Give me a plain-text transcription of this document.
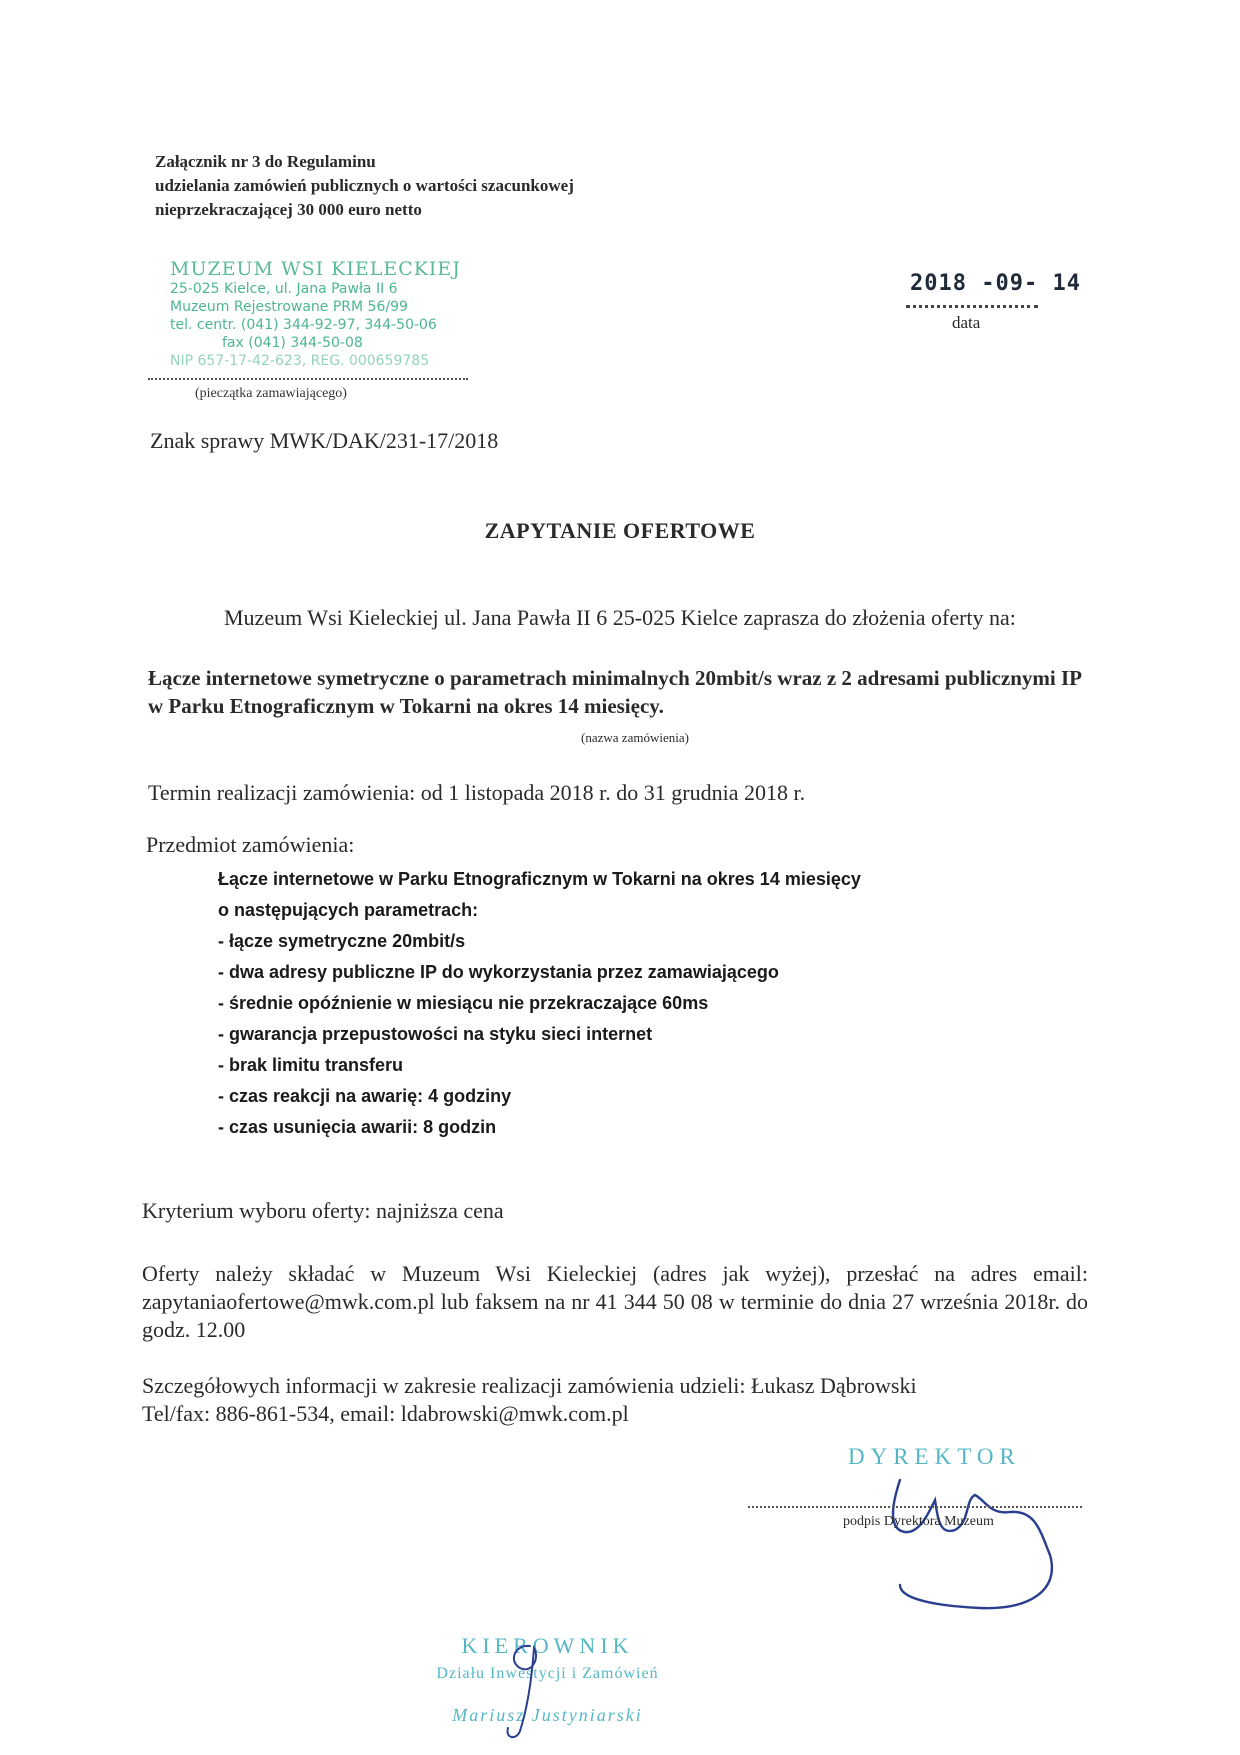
Załącznik nr 3 do Regulaminu
udzielania zamówień publicznych o wartości szacunkowej
nieprzekraczającej 30 000 euro netto
MUZEUM WSI KIELECKIEJ
25-025 Kielce, ul. Jana Pawła II 6
Muzeum Rejestrowane PRM 56/99
tel. centr. (041) 344-92-97, 344-50-06
fax (041) 344-50-08
NIP 657-17-42-623, REG. 000659785
(pieczątka zamawiającego)
2018 -09- 14
data
Znak sprawy MWK/DAK/231-17/2018
ZAPYTANIE OFERTOWE
Muzeum Wsi Kieleckiej ul. Jana Pawła II 6 25-025 Kielce zaprasza do złożenia oferty na:
Łącze internetowe symetryczne o parametrach minimalnych 20mbit/s wraz z 2 adresami publicznymi IP w Parku Etnograficznym w Tokarni na okres 14 miesięcy.
(nazwa zamówienia)
Termin realizacji zamówienia: od 1 listopada 2018 r. do 31 grudnia 2018 r.
Przedmiot zamówienia:
Łącze internetowe w Parku Etnograficznym w Tokarni na okres 14 miesięcy
o następujących parametrach:
- łącze symetryczne 20mbit/s
- dwa adresy publiczne IP do wykorzystania przez zamawiającego
- średnie opóźnienie w miesiącu nie przekraczające 60ms
- gwarancja przepustowości na styku sieci internet
- brak limitu transferu
- czas reakcji na awarię: 4 godziny
- czas usunięcia awarii: 8 godzin
Kryterium wyboru oferty: najniższa cena
Oferty należy składać w Muzeum Wsi Kieleckiej (adres jak wyżej), przesłać na adres email: zapytaniaofertowe@mwk.com.pl lub faksem na nr 41 344 50 08 w terminie do dnia 27 września 2018r. do godz. 12.00
Szczegółowych informacji w zakresie realizacji zamówienia udzieli: Łukasz Dąbrowski
Tel/fax: 886-861-534, email: ldabrowski@mwk.com.pl
DYREKTOR
podpis Dyrektora Muzeum
KIEROWNIK
Działu Inwestycji i Zamówień
Mariusz Justyniarski
